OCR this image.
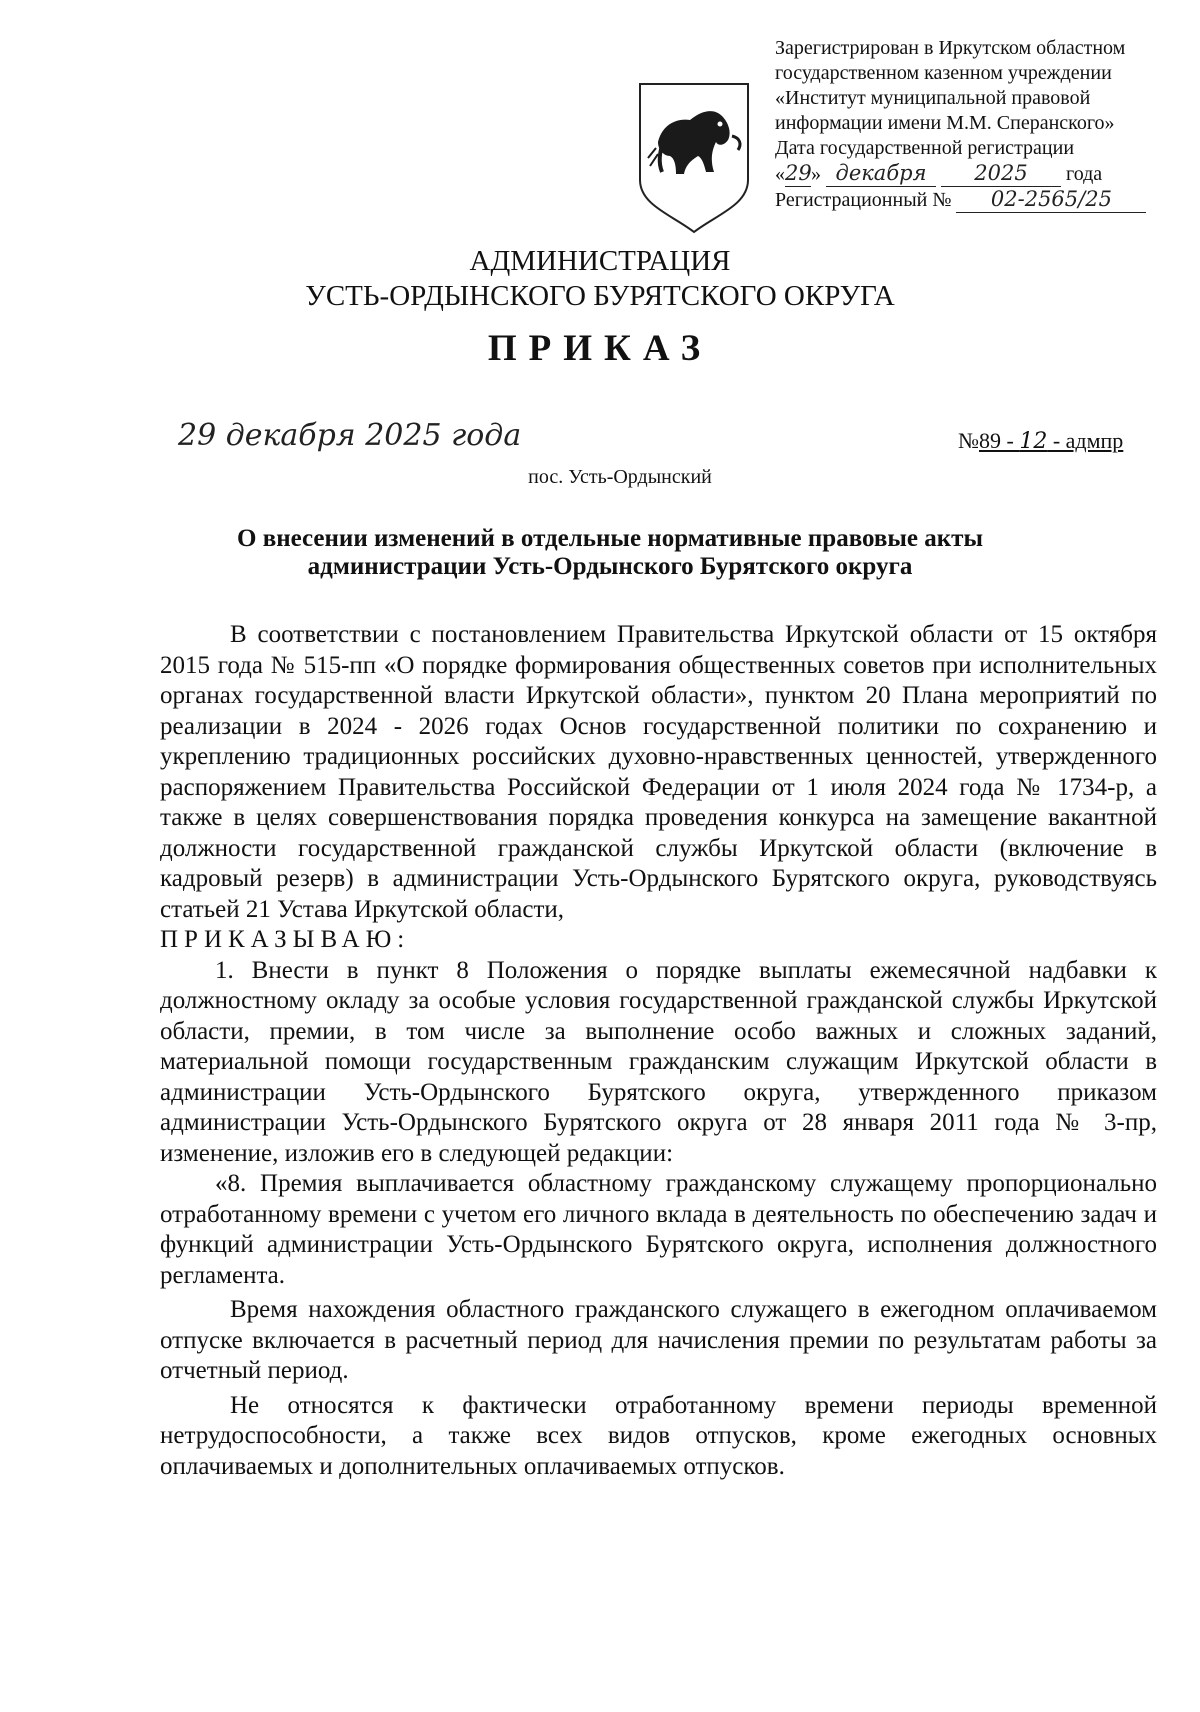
Зарегистрирован в Иркутском областном
государственном казенном учреждении
«Институт муниципальной правовой
информации имени М.М. Сперанского»
Дата государственной регистрации
«29» декабря 2025 года
Регистрационный № 02-2565/25
АДМИНИСТРАЦИЯ
УСТЬ-ОРДЫНСКОГО БУРЯТСКОГО ОКРУГА
ПРИКАЗ
29 декабря 2025 года	№89 - 12 - адмпр
пос. Усть-Ордынский
О внесении изменений в отдельные нормативные правовые акты
администрации Усть-Ордынского Бурятского округа

В соответствии с постановлением Правительства Иркутской области от 15 октября 2015 года № 515-пп «О порядке формирования общественных советов при исполнительных органах государственной власти Иркутской области», пунктом 20 Плана мероприятий по реализации в 2024 - 2026 годах Основ государственной политики по сохранению и укреплению традиционных российских духовно-нравственных ценностей, утвержденного распоряжением Правительства Российской Федерации от 1 июля 2024 года № 1734-р, а также в целях совершенствования порядка проведения конкурса на замещение вакантной должности государственной гражданской службы Иркутской области (включение в кадровый резерв) в администрации Усть-Ордынского Бурятского округа, руководствуясь статьей 21 Устава Иркутской области,

ПРИКАЗЫВАЮ:

1. Внести в пункт 8 Положения о порядке выплаты ежемесячной надбавки к должностному окладу за особые условия государственной гражданской службы Иркутской области, премии, в том числе за выполнение особо важных и сложных заданий, материальной помощи государственным гражданским служащим Иркутской области в администрации Усть-Ордынского Бурятского округа, утвержденного приказом администрации Усть-Ордынского Бурятского округа от 28 января 2011 года № 3-пр, изменение, изложив его в следующей редакции:

«8. Премия выплачивается областному гражданскому служащему пропорционально отработанному времени с учетом его личного вклада в деятельность по обеспечению задач и функций администрации Усть-Ордынского Бурятского округа, исполнения должностного регламента.

Время нахождения областного гражданского служащего в ежегодном оплачиваемом отпуске включается в расчетный период для начисления премии по результатам работы за отчетный период.

Не относятся к фактически отработанному времени периоды временной нетрудоспособности, а также всех видов отпусков, кроме ежегодных основных оплачиваемых и дополнительных оплачиваемых отпусков.
